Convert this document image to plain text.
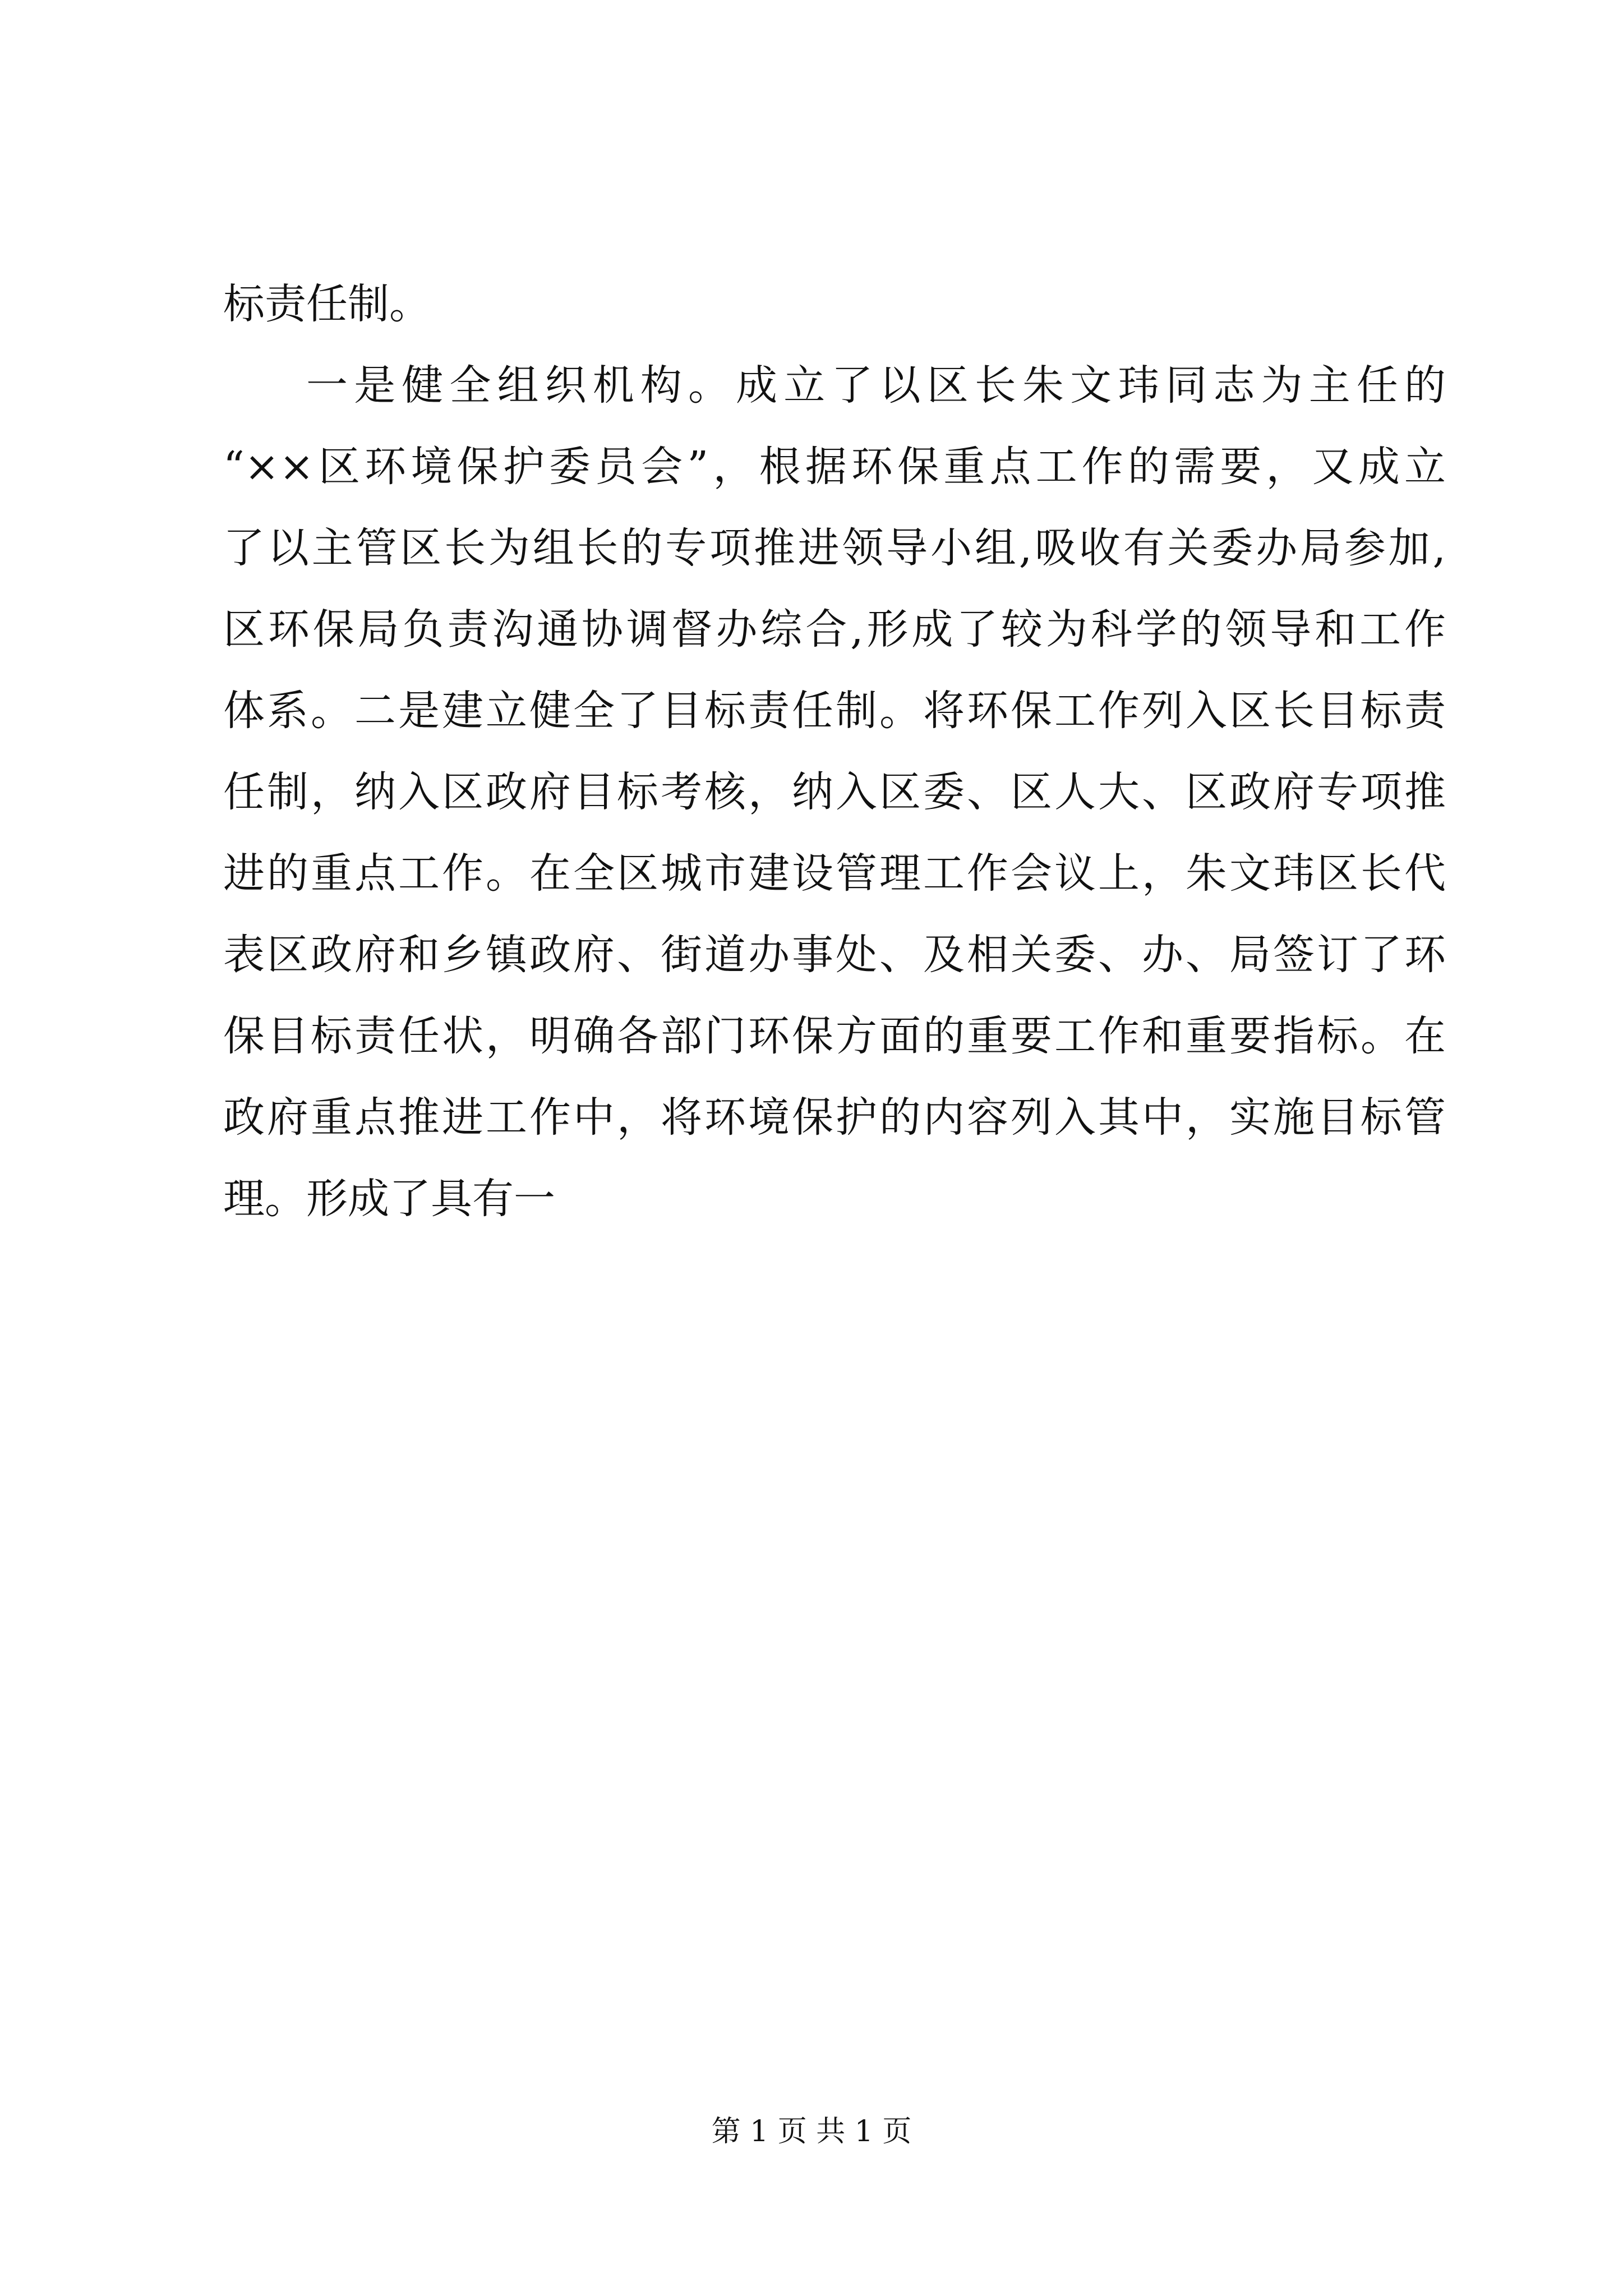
标责任制。
一是健全组织机构。成立了以区长朱文玮同志为主任的
“××区环境保护委员会”，根据环保重点工作的需要，又成立
了以主管区长为组长的专项推进领导小组,吸收有关委办局参加,
区环保局负责沟通协调督办综合,形成了较为科学的领导和工作
体系。二是建立健全了目标责任制。将环保工作列入区长目标责
任制，纳入区政府目标考核，纳入区委、区人大、区政府专项推
进的重点工作。在全区城市建设管理工作会议上，朱文玮区长代
表区政府和乡镇政府、街道办事处、及相关委、办、局签订了环
保目标责任状，明确各部门环保方面的重要工作和重要指标。在
政府重点推进工作中，将环境保护的内容列入其中，实施目标管
理。形成了具有一
第 1 页 共 1 页
